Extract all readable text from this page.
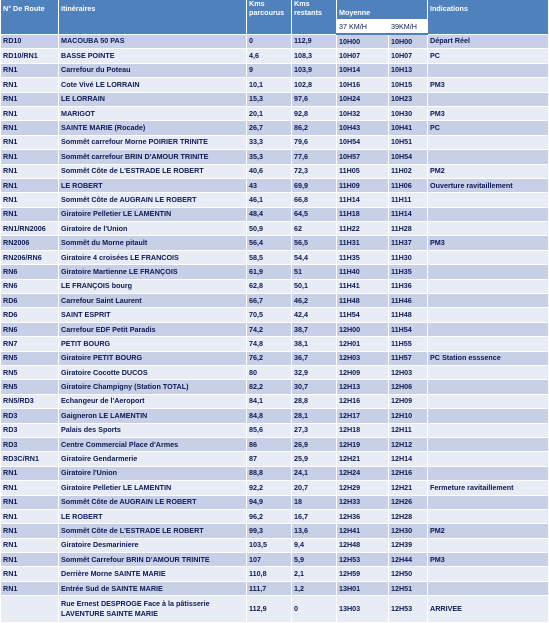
N° De Route	Itinéraires	Kms parcourus	Kms restants	Moyenne		Indications
				37 KM/H	39KM/H	
RD10	MACOUBA 50 PAS	0	112,9	10H00	10H00	Départ Réel
RD10/RN1	BASSE POINTE	4,6	108,3	10H07	10H07	PC
RN1	Carrefour du Poteau	9	103,9	10H14	10H13	
RN1	Cote Vivé LE LORRAIN	10,1	102,8	10H16	10H15	PM3
RN1	LE LORRAIN	15,3	97,6	10H24	10H23	
RN1	MARIGOT	20,1	92,8	10H32	10H30	PM3
RN1	SAINTE MARIE (Rocade)	26,7	86,2	10H43	10H41	PC
RN1	Sommêt carrefour Morne POIRIER TRINITE	33,3	79,6	10H54	10H51	
RN1	Sommêt carrefour BRIN D'AMOUR TRINITE	35,3	77,6	10H57	10H54	
RN1	Sommêt Côte de L'ESTRADE LE ROBERT	40,6	72,3	11H05	11H02	PM2
RN1	LE ROBERT	43	69,9	11H09	11H06	Ouverture ravitaillement
RN1	Sommêt Côte de AUGRAIN LE ROBERT	46,1	66,8	11H14	11H11	
RN1	Giratoire Pelletier LE LAMENTIN	48,4	64,5	11H18	11H14	
RN1/RN2006	Giratoire de l'Union	50,9	62	11H22	11H28	
RN2006	Sommêt du Morne pitault	56,4	56,5	11H31	11H37	PM3
RN206/RN6	Giratoire 4 croisées LE FRANCOIS	58,5	54,4	11H35	11H30	
RN6	Giratoire Martienne LE FRANÇOIS	61,9	51	11H40	11H35	
RN6	LE FRANÇOIS bourg	62,8	50,1	11H41	11H36	
RD6	Carrefour Saint Laurent	66,7	46,2	11H48	11H46	
RD6	SAINT ESPRIT	70,5	42,4	11H54	11H48	
RN6	Carrefour EDF Petit Paradis	74,2	38,7	12H00	11H54	
RN7	PETIT BOURG	74,8	38,1	12H01	11H55	
RN5	Giratoire PETIT BOURG	76,2	36,7	12H03	11H57	PC Station esssence
RN5	Giratoire Cocotte DUCOS	80	32,9	12H09	12H03	
RN5	Giratoire Champigny (Station TOTAL)	82,2	30,7	12H13	12H06	
RN5/RD3	Echangeur de l'Aeroport	84,1	28,8	12H16	12H09	
RD3	Gaigneron LE LAMENTIN	84,8	28,1	12H17	12H10	
RD3	Palais des Sports	85,6	27,3	12H18	12H11	
RD3	Centre Commercial Place d'Armes	86	26,9	12H19	12H12	
RD3C/RN1	Giratoire Gendarmerie	87	25,9	12H21	12H14	
RN1	Giratoire l'Union	88,8	24,1	12H24	12H16	
RN1	Giratoire Pelletier LE LAMENTIN	92,2	20,7	12H29	12H21	Fermeture ravitaillement
RN1	Sommêt Côte de AUGRAIN LE ROBERT	94,9	18	12H33	12H26	
RN1	LE ROBERT	96,2	16,7	12H36	12H28	
RN1	Sommêt Côte de L'ESTRADE LE ROBERT	99,3	13,6	12H41	12H30	PM2
RN1	Giratoire Desmariniere	103,5	9,4	12H48	12H39	
RN1	Sommêt Carrefour BRIN D'AMOUR TRINITE	107	5,9	12H53	12H44	PM3
RN1	Derrière Morne SAINTE MARIE	110,8	2,1	12H59	12H50	
RN1	Entrée Sud de SAINTE MARIE	111,7	1,2	13H01	12H51	
	Rue Ernest DESPROGE Face à la pâtisserie LAVENTURE SAINTE MARIE	112,9	0	13H03	12H53	ARRIVEE
